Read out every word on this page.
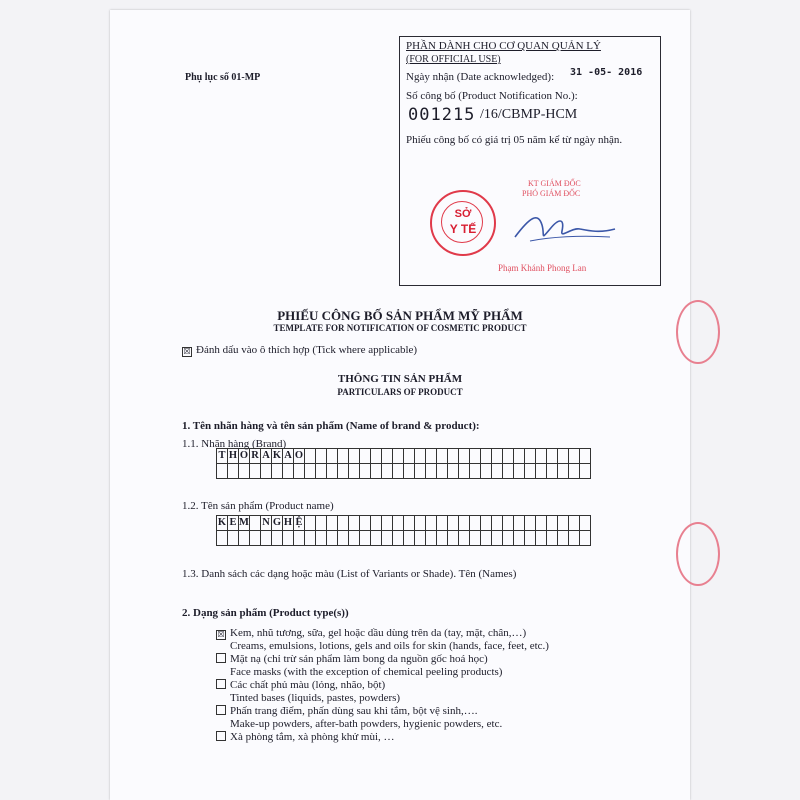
Phụ lục số 01-MP
PHẦN DÀNH CHO CƠ QUAN QUẢN LÝ
(FOR OFFICIAL USE)
Ngày nhận (Date acknowledged): 31 -05- 2016
Số công bố (Product Notification No.):
001215 /16/CBMP-HCM
Phiếu công bố có giá trị 05 năm kể từ ngày nhận.
KT GIÁM ĐỐC
PHÓ GIÁM ĐỐC
Phạm Khánh Phong Lan
SỞ
Y TẾ
PHIẾU CÔNG BỐ SẢN PHẨM MỸ PHẨM
TEMPLATE FOR NOTIFICATION OF COSMETIC PRODUCT
☒ Đánh dấu vào ô thích hợp (Tick where applicable)
THÔNG TIN SẢN PHẨM
PARTICULARS OF PRODUCT
1. Tên nhãn hàng và tên sản phẩm (Name of brand & product):
1.1. Nhãn hàng (Brand)
T H O R A K A O
1.2. Tên sản phẩm (Product name)
K E M N G H Ệ
1.3. Danh sách các dạng hoặc màu (List of Variants or Shade). Tên (Names)
2. Dạng sản phẩm (Product type(s))
☒ Kem, nhũ tương, sữa, gel hoặc dầu dùng trên da (tay, mặt, chân,…)
Creams, emulsions, lotions, gels and oils for skin (hands, face, feet, etc.)
Mặt nạ (chỉ trừ sản phẩm làm bong da nguồn gốc hoá học)
Face masks (with the exception of chemical peeling products)
Các chất phủ màu (lỏng, nhão, bột)
Tinted bases (liquids, pastes, powders)
Phấn trang điểm, phấn dùng sau khi tắm, bột vệ sinh,….
Make-up powders, after-bath powders, hygienic powders, etc.
Xà phòng tắm, xà phòng khử mùi, …
